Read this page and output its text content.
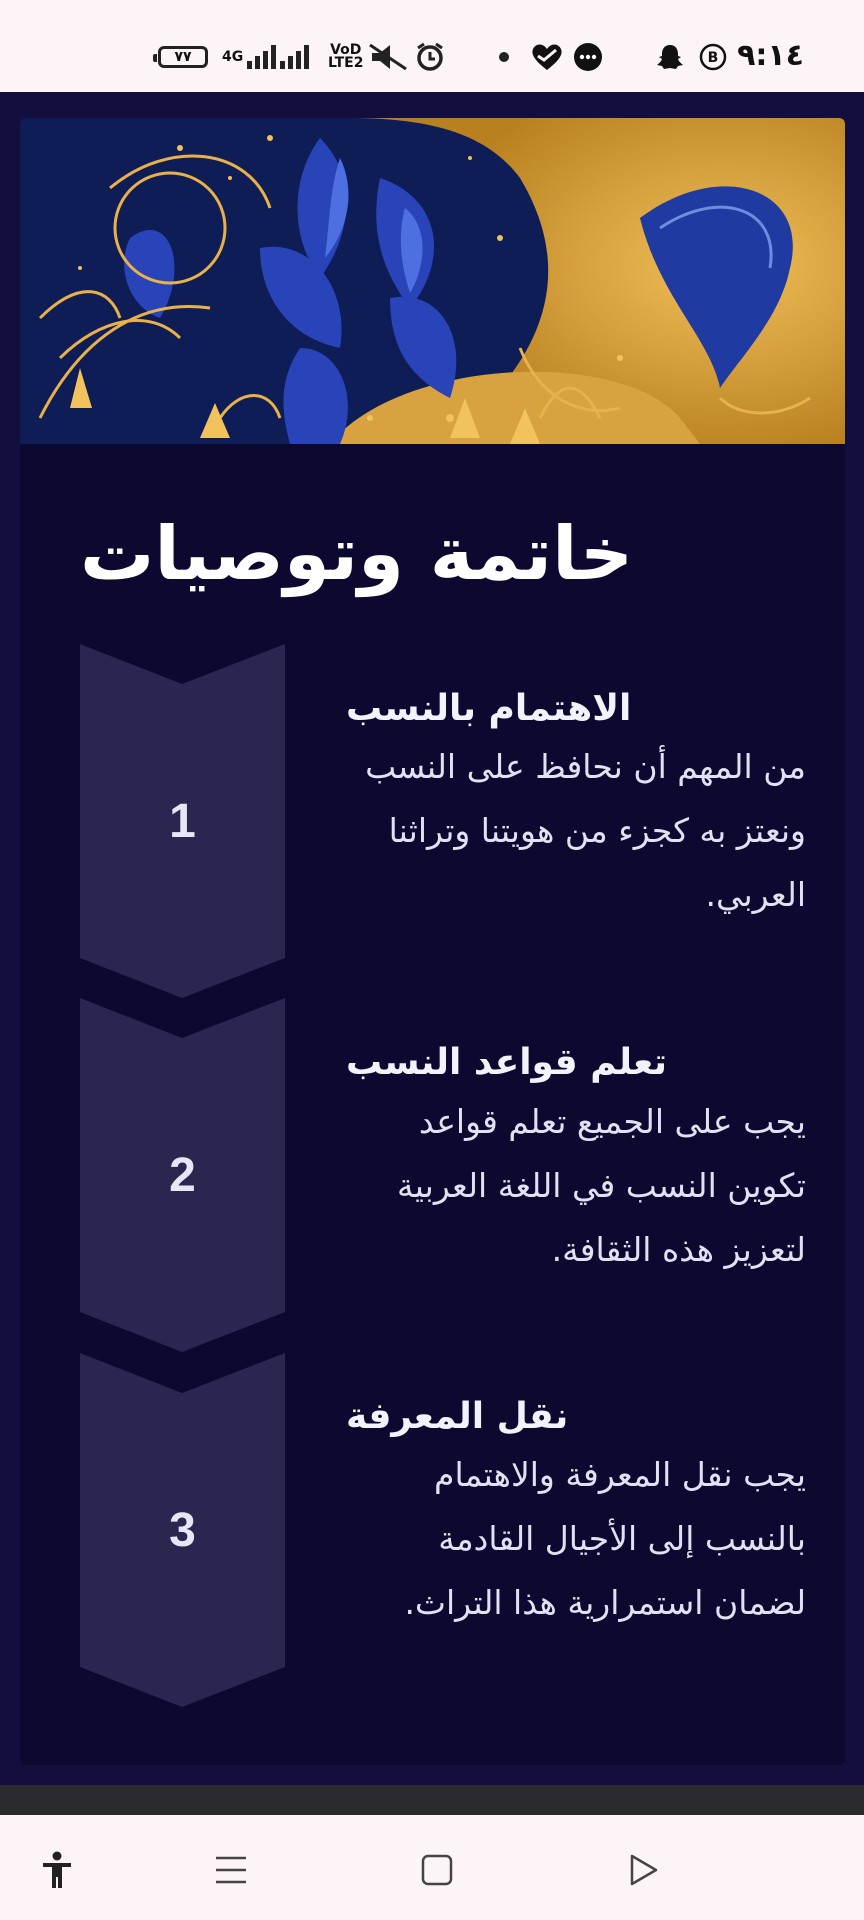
٧٧ 4G	VoD
LTE2	B ٩:١٤
خاتمة وتوصيات
1
الاهتمام بالنسب
من المهم أن نحافظ على النسب ونعتز به كجزء من هويتنا وتراثنا العربي.
2
تعلم قواعد النسب
يجب على الجميع تعلم قواعد تكوين النسب في اللغة العربية لتعزيز هذه الثقافة.
3
نقل المعرفة
يجب نقل المعرفة والاهتمام بالنسب إلى الأجيال القادمة لضمان استمرارية هذا التراث.
